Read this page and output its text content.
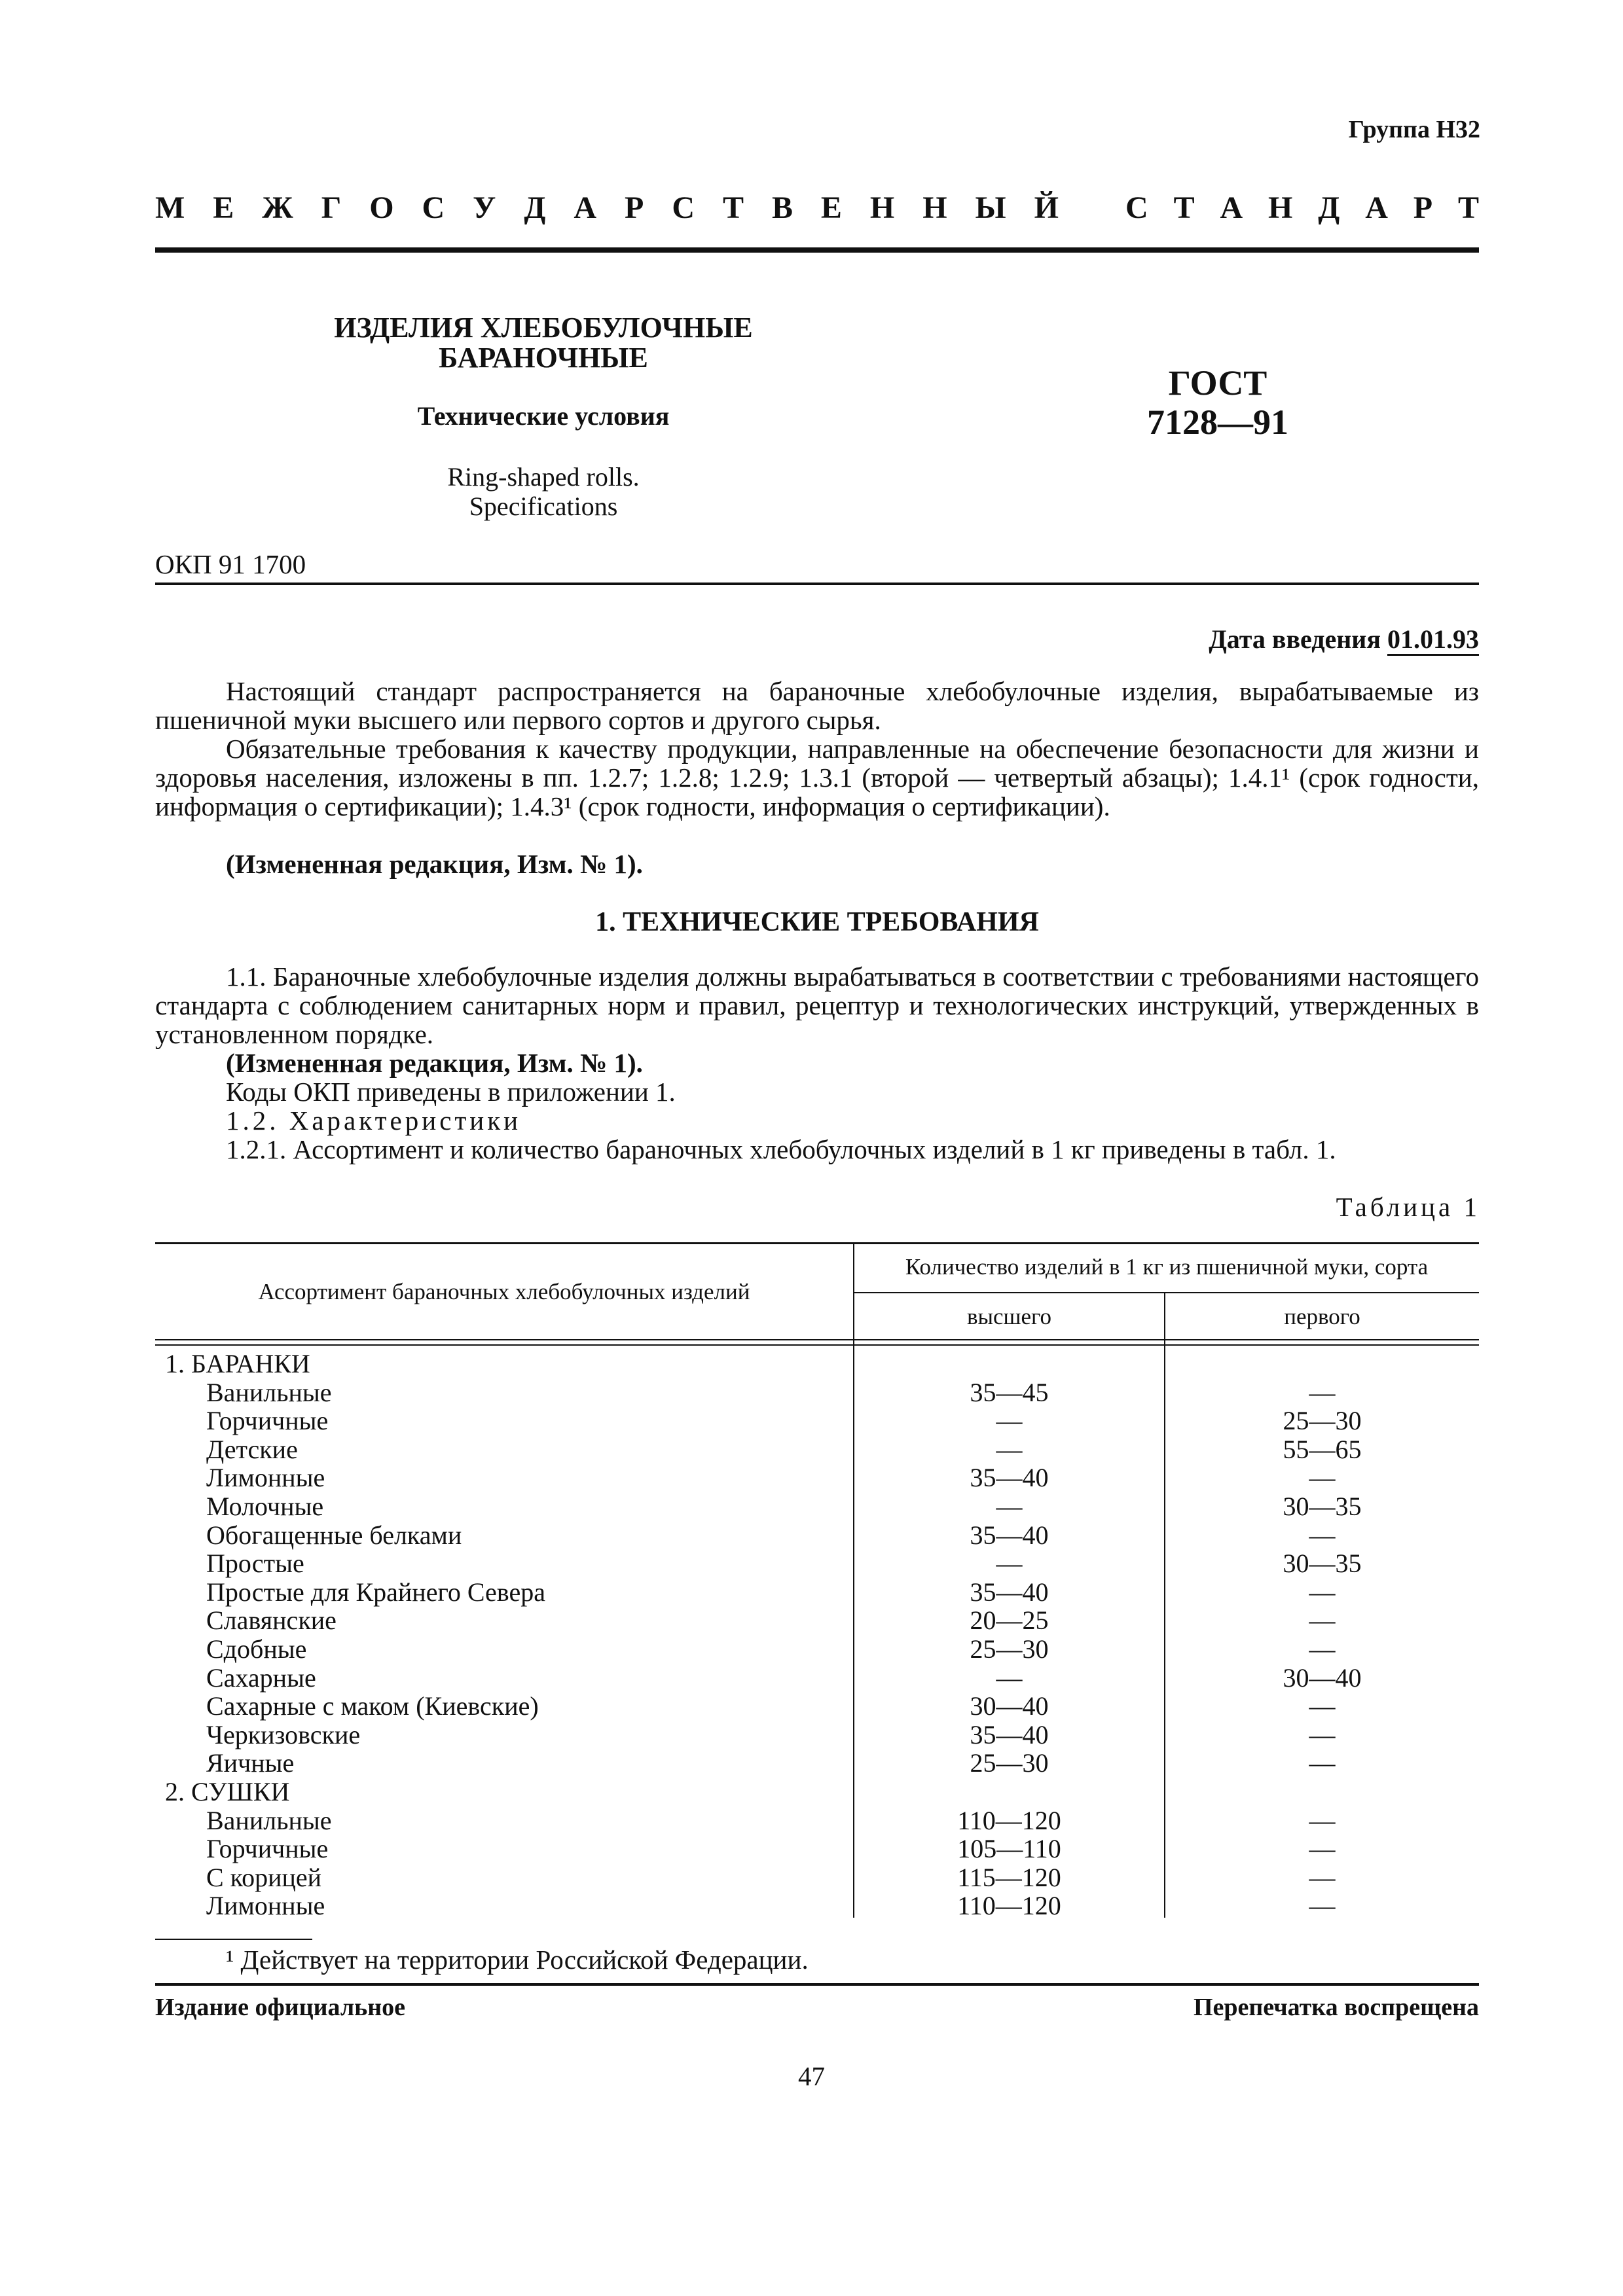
Группа Н32
М Е Ж Г О С У Д А Р С Т В Е Н Н Ы Й С Т А Н Д А Р Т
ИЗДЕЛИЯ ХЛЕБОБУЛОЧНЫЕ
БАРАНОЧНЫЕ
Технические условия
Ring-shaped rolls.
Specifications
ГОСТ
7128—91
ОКП 91 1700
Дата введения 01.01.93
Настоящий стандарт распространяется на бараночные хлебобулочные изделия, вырабатываемые из пшеничной муки высшего или первого сортов и другого сырья.
Обязательные требования к качеству продукции, направленные на обеспечение безопасности для жизни и здоровья населения, изложены в пп. 1.2.7; 1.2.8; 1.2.9; 1.3.1 (второй — четвертый абзацы); 1.4.1¹ (срок годности, информация о сертификации); 1.4.3¹ (срок годности, информация о сертификации).
(Измененная редакция, Изм. № 1).
1. ТЕХНИЧЕСКИЕ ТРЕБОВАНИЯ
1.1. Бараночные хлебобулочные изделия должны вырабатываться в соответствии с требованиями настоящего стандарта с соблюдением санитарных норм и правил, рецептур и технологических инструкций, утвержденных в установленном порядке.
(Измененная редакция, Изм. № 1).
Коды ОКП приведены в приложении 1.
1.2. Характеристики
1.2.1. Ассортимент и количество бараночных хлебобулочных изделий в 1 кг приведены в табл. 1.
Таблица 1
Ассортимент бараночных хлебобулочных изделий
Количество изделий в 1 кг из пшеничной муки, сорта
высшего	первого
1. БАРАНКИ
Ванильные	35—45	—
Горчичные	—	25—30
Детские	—	55—65
Лимонные	35—40	—
Молочные	—	30—35
Обогащенные белками	35—40	—
Простые	—	30—35
Простые для Крайнего Севера	35—40	—
Славянские	20—25	—
Сдобные	25—30	—
Сахарные	—	30—40
Сахарные с маком (Киевские)	30—40	—
Черкизовские	35—40	—
Яичные	25—30	—
2. СУШКИ
Ванильные	110—120	—
Горчичные	105—110	—
С корицей	115—120	—
Лимонные	110—120	—
¹ Действует на территории Российской Федерации.
Издание официальное	Перепечатка воспрещена
47
